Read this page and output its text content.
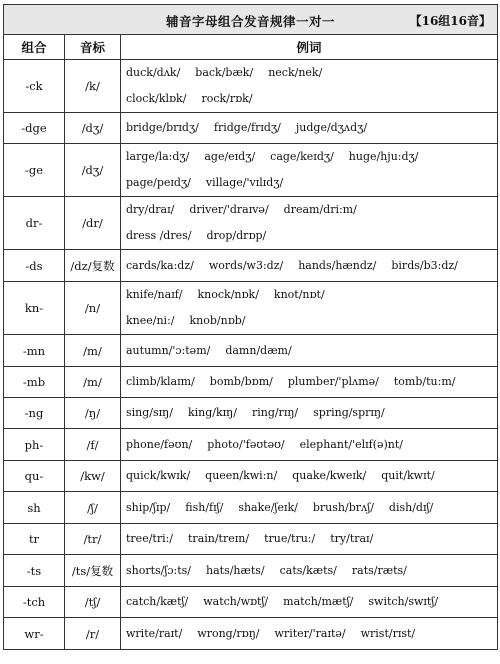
辅音字母组合发音规律一对一 【16组16音】		

组合	音标	例词
-ck	/k/	duck/dʌk/ back/bæk/ neck/nek/
clock/klɒk/ rock/rɒk/

-dge	/dʒ/	bridge/brɪdʒ/ fridge/frɪdʒ/ judge/dʒʌdʒ/

-ge	/dʒ/	large/la:dʒ/ age/eɪdʒ/ cage/keɪdʒ/ huge/hju:dʒ/
page/peɪdʒ/ village/'vɪlɪdʒ/

dr-	/dr/	dry/draɪ/ driver/'draɪvə/ dream/dri:m/
dress /dres/ drop/drɒp/

-ds	/dz/复数	cards/ka:dz/ words/w3:dz/ hands/hændz/ birds/b3:dz/

kn-	/n/	knife/naɪf/ knock/nɒk/ knot/nɒt/
knee/ni:/ knob/nɒb/

-mn	/m/	autumn/'ɔ:təm/ damn/dæm/

-mb	/m/	climb/klaɪm/ bomb/bɒm/ plumber/'plʌmə/ tomb/tu:m/

-ng	/ŋ/	sing/sɪŋ/ king/kɪŋ/ ring/rɪŋ/ spring/sprɪŋ/

ph-	/f/	phone/fəʊn/ photo/'fəʊtəʊ/ elephant/'elɪf(ə)nt/

qu-	/kw/	quick/kwɪk/ queen/kwi:n/ quake/kweɪk/ quit/kwɪt/

sh	/ʃ/	ship/ʃɪp/ fish/fɪʃ/ shake/ʃeɪk/ brush/brʌʃ/ dish/dɪʃ/

tr	/tr/	tree/tri:/ train/treɪn/ true/tru:/ try/traɪ/

-ts	/ts/复数	shorts/ʃɔ:ts/ hats/hæts/ cats/kæts/ rats/ræts/

-tch	/tʃ/	catch/kætʃ/ watch/wɒtʃ/ match/mætʃ/ switch/swɪtʃ/

wr-	/r/	write/raɪt/ wrong/rɒŋ/ writer/'raɪtə/ wrist/rɪst/
